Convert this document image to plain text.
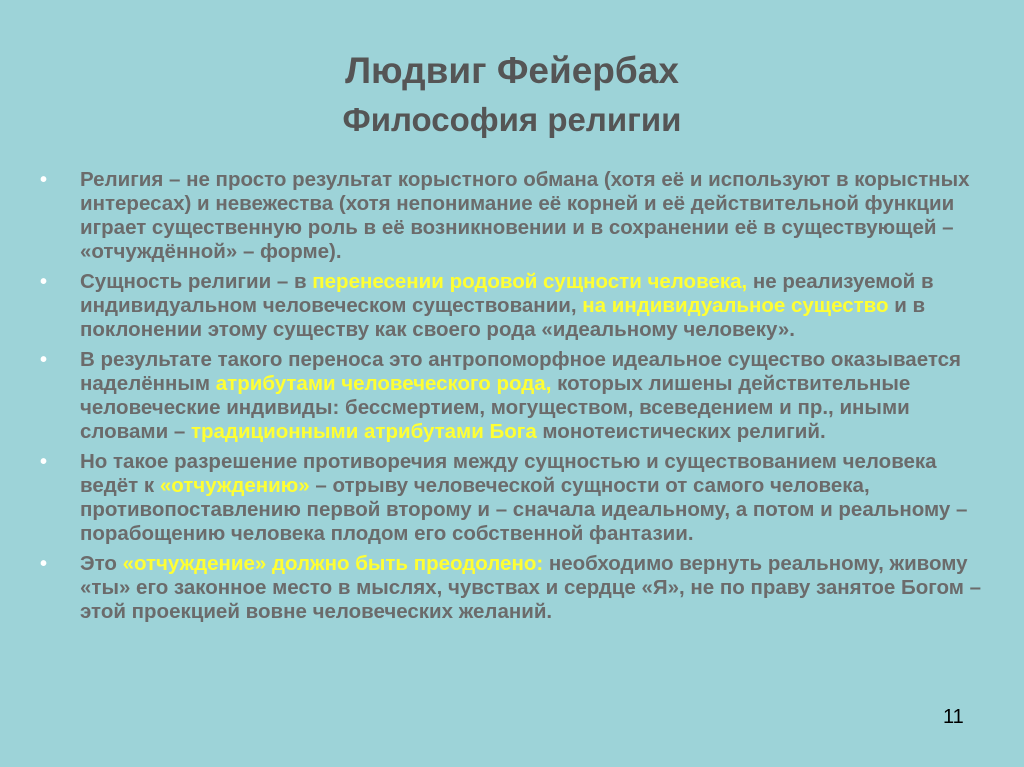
Людвиг Фейербах
Философия религии
• Религия – не просто результат корыстного обмана (хотя её и используют в корыстных интересах) и невежества (хотя непонимание её корней и её действительной функции играет существенную роль в её возникновении и в сохранении её в существующей – «отчуждённой» – форме).
• Сущность религии – в перенесении родовой сущности человека, не реализуемой в индивидуальном человеческом существовании, на индивидуальное существо и в поклонении этому существу как своего рода «идеальному человеку».
• В результате такого переноса это антропоморфное идеальное существо оказывается наделённым атрибутами человеческого рода, которых лишены действительные человеческие индивиды: бессмертием, могуществом, всеведением и пр., иными словами – традиционными атрибутами Бога монотеистических религий.
• Но такое разрешение противоречия между сущностью и существованием человека ведёт к «отчуждению» – отрыву человеческой сущности от самого человека, противопоставлению первой второму и – сначала идеальному, а потом и реальному – порабощению человека плодом его собственной фантазии.
• Это «отчуждение» должно быть преодолено: необходимо вернуть реальному, живому «ты» его законное место в мыслях, чувствах и сердце «Я», не по праву занятое Богом – этой проекцией вовне человеческих желаний.
11
